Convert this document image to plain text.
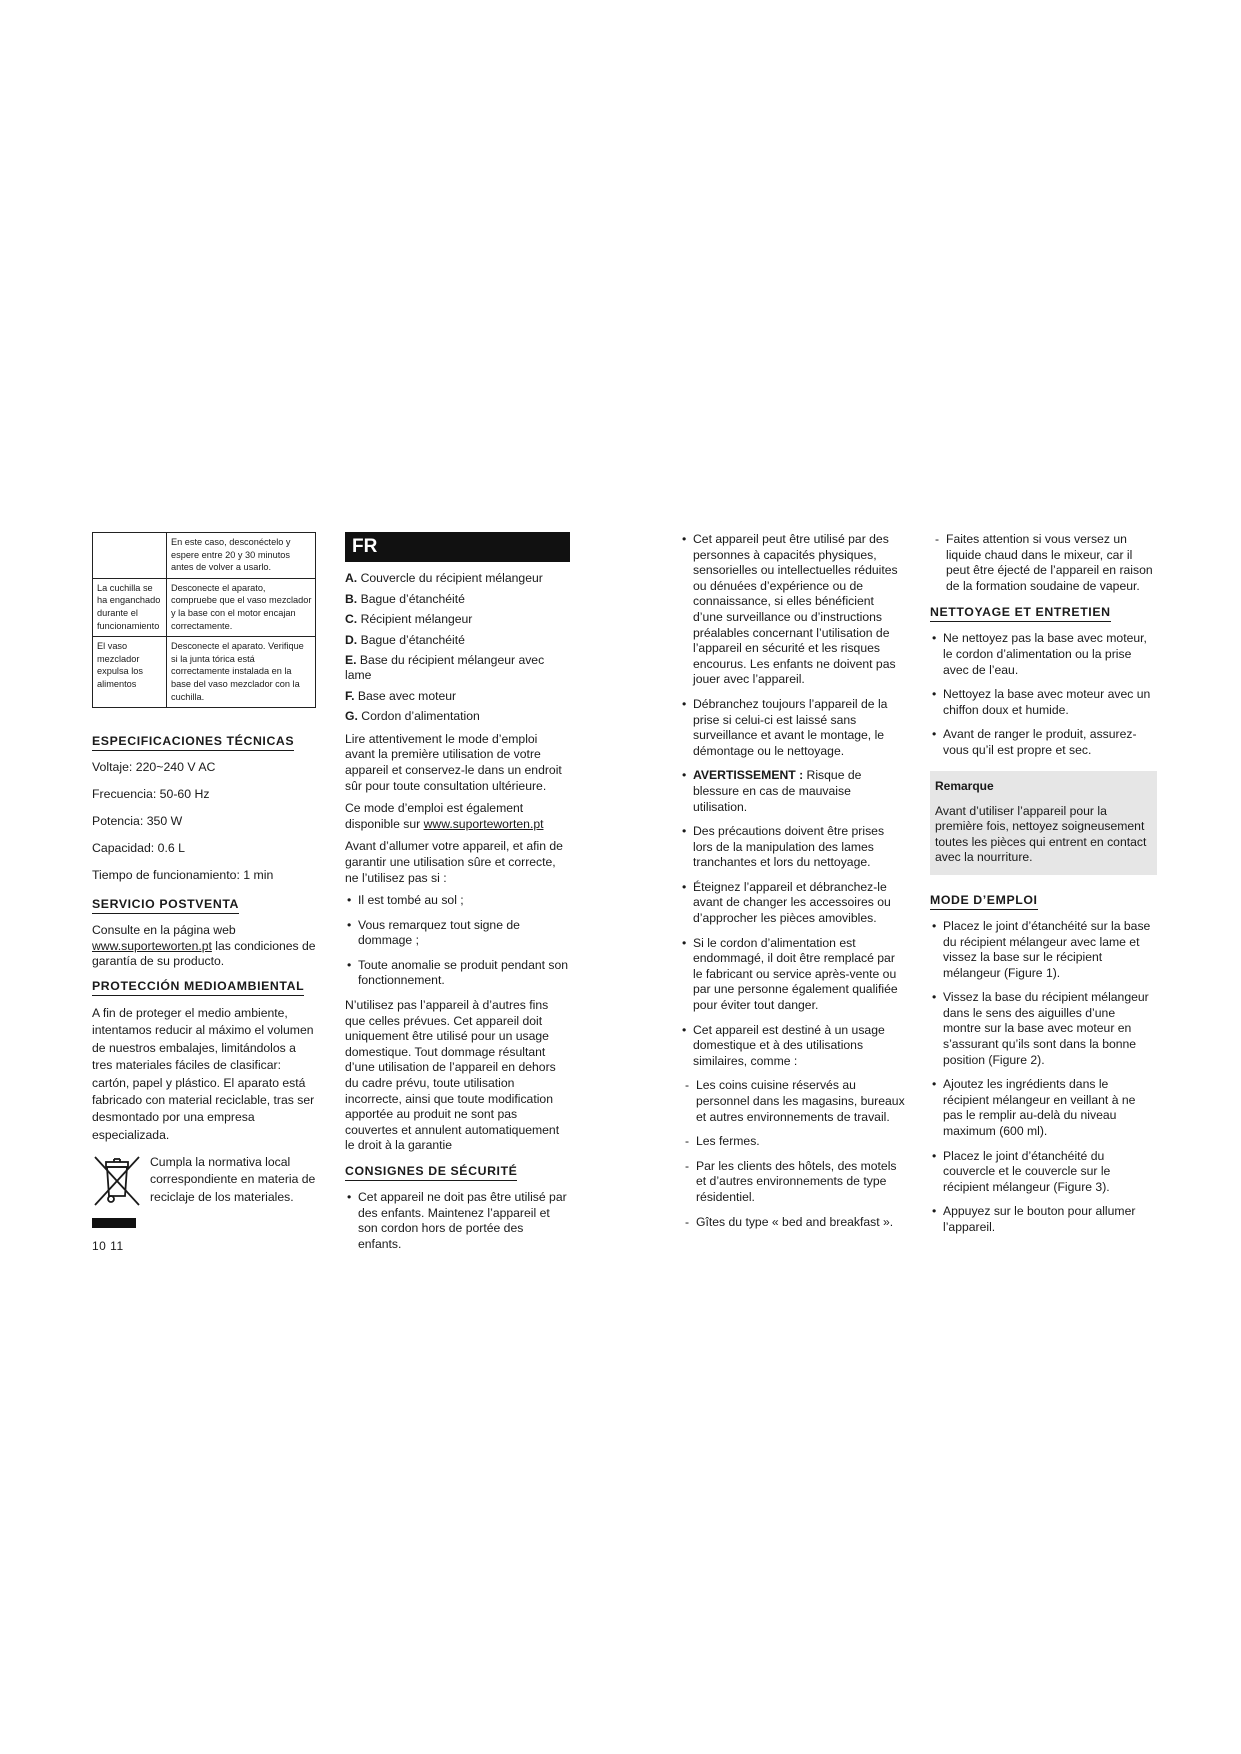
	En este caso, desconéctelo y espere entre 20 y 30 minutos antes de volver a usarlo.
La cuchilla se ha enganchado durante el funcionamiento	Desconecte el aparato, compruebe que el vaso mezclador y la base con el motor encajan correctamente.
El vaso mezclador expulsa los alimentos	Desconecte el aparato. Verifique si la junta tórica está correctamente instalada en la base del vaso mezclador con la cuchilla.
ESPECIFICACIONES TÉCNICAS
Voltaje: 220~240 V AC
Frecuencia: 50-60 Hz
Potencia: 350 W
Capacidad: 0.6 L
Tiempo de funcionamiento: 1 min
SERVICIO POSTVENTA

Consulte en la página web www.suporteworten.pt las condiciones de garantía de su producto.

PROTECCIÓN MEDIOAMBIENTAL
A fin de proteger el medio ambiente, intentamos reducir al máximo el volumen de nuestros embalajes, limitándolos a tres materiales fáciles de clasificar: cartón, papel y plástico. El aparato está fabricado con material reciclable, tras ser desmontado por una empresa especializada.
Cumpla la normativa local correspondiente en materia de reciclaje de los materiales.
10 11
FR
A. Couvercle du récipient mélangeur
B. Bague d’étanchéité
C. Récipient mélangeur
D. Bague d’étanchéité
E. Base du récipient mélangeur avec lame
F. Base avec moteur
G. Cordon d’alimentation

Lire attentivement le mode d’emploi avant la première utilisation de votre appareil et conservez-le dans un endroit sûr pour toute consultation ultérieure.

Ce mode d’emploi est également disponible sur www.suporteworten.pt

Avant d’allumer votre appareil, et afin de garantir une utilisation sûre et correcte, ne l’utilisez pas si :

• Il est tombé au sol ;
• Vous remarquez tout signe de dommage ;
• Toute anomalie se produit pendant son fonctionnement.
N’utilisez pas l’appareil à d’autres fins que celles prévues. Cet appareil doit uniquement être utilisé pour un usage domestique. Tout dommage résultant d’une utilisation de l’appareil en dehors du cadre prévu, toute utilisation incorrecte, ainsi que toute modification apportée au produit ne sont pas couvertes et annulent automatiquement le droit à la garantie
CONSIGNES DE SÉCURITÉ
• Cet appareil ne doit pas être utilisé par des enfants. Maintenez l’appareil et son cordon hors de portée des enfants.
• Cet appareil peut être utilisé par des personnes à capacités physiques, sensorielles ou intellectuelles réduites ou dénuées d’expérience ou de connaissance, si elles bénéficient d’une surveillance ou d’instructions préalables concernant l’utilisation de l’appareil en sécurité et les risques encourus. Les enfants ne doivent pas jouer avec l’appareil.
• Débranchez toujours l’appareil de la prise si celui-ci est laissé sans surveillance et avant le montage, le démontage ou le nettoyage.
• AVERTISSEMENT : Risque de blessure en cas de mauvaise utilisation.
• Des précautions doivent être prises lors de la manipulation des lames tranchantes et lors du nettoyage.
• Éteignez l’appareil et débranchez-le avant de changer les accessoires ou d’approcher les pièces amovibles.
• Si le cordon d’alimentation est endommagé, il doit être remplacé par le fabricant ou service après-vente ou par une personne également qualifiée pour éviter tout danger.
• Cet appareil est destiné à un usage domestique et à des utilisations similaires, comme :
- Les coins cuisine réservés au personnel dans les magasins, bureaux et autres environnements de travail.
- Les fermes.
- Par les clients des hôtels, des motels et d’autres environnements de type résidentiel.
- Gîtes du type « bed and breakfast ».
- Faites attention si vous versez un liquide chaud dans le mixeur, car il peut être éjecté de l’appareil en raison de la formation soudaine de vapeur.
NETTOYAGE ET ENTRETIEN
• Ne nettoyez pas la base avec moteur, le cordon d’alimentation ou la prise avec de l’eau.
• Nettoyez la base avec moteur avec un chiffon doux et humide.
• Avant de ranger le produit, assurez-vous qu’il est propre et sec.
Remarque
Avant d’utiliser l’appareil pour la première fois, nettoyez soigneusement toutes les pièces qui entrent en contact avec la nourriture.
MODE D’EMPLOI
• Placez le joint d’étanchéité sur la base du récipient mélangeur avec lame et vissez la base sur le récipient mélangeur (Figure 1).
• Vissez la base du récipient mélangeur dans le sens des aiguilles d’une montre sur la base avec moteur en s’assurant qu’ils sont dans la bonne position (Figure 2).
• Ajoutez les ingrédients dans le récipient mélangeur en veillant à ne pas le remplir au-delà du niveau maximum (600 ml).
• Placez le joint d’étanchéité du couvercle et le couvercle sur le récipient mélangeur (Figure 3).
• Appuyez sur le bouton pour allumer l’appareil.
